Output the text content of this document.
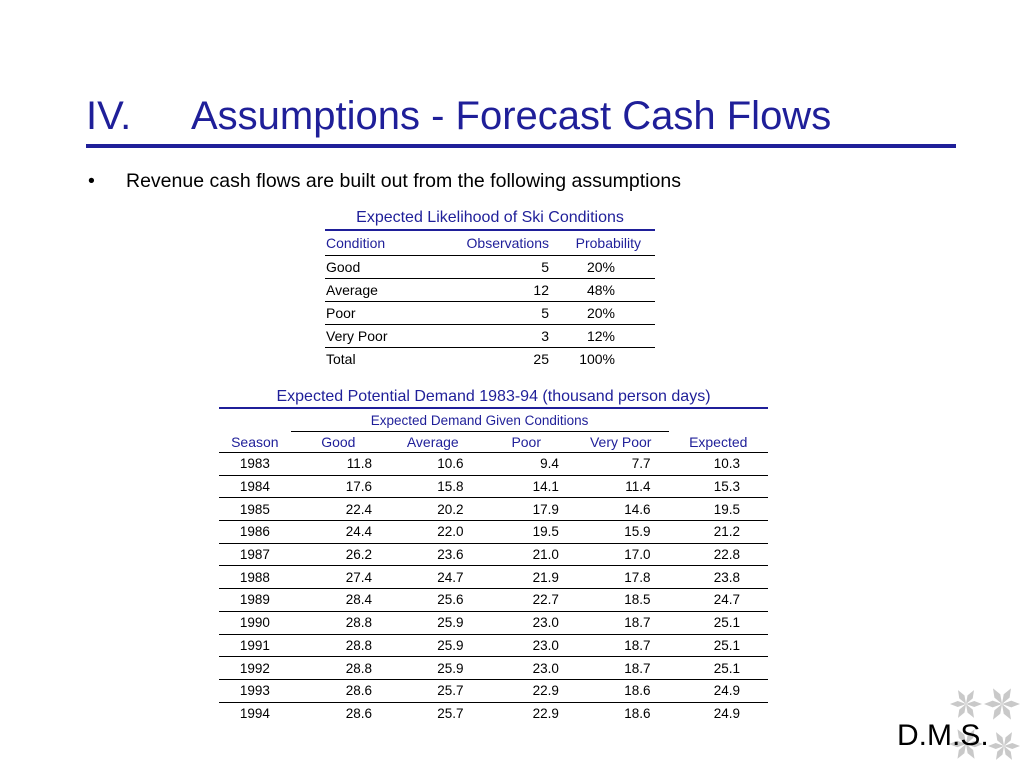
IV. Assumptions - Forecast Cash Flows
• Revenue cash flows are built out from the following assumptions
Expected Likelihood of Ski Conditions
Condition	Observations	Probability
Good	5	20%
Average	12	48%
Poor	5	20%
Very Poor	3	12%
Total	25	100%
Expected Potential Demand 1983-94 (thousand person days)
	Expected Demand Given Conditions				
Season	Good	Average	Poor	Very Poor	Expected
1983	11.8	10.6	9.4	7.7	10.3
1984	17.6	15.8	14.1	11.4	15.3
1985	22.4	20.2	17.9	14.6	19.5
1986	24.4	22.0	19.5	15.9	21.2
1987	26.2	23.6	21.0	17.0	22.8
1988	27.4	24.7	21.9	17.8	23.8
1989	28.4	25.6	22.7	18.5	24.7
1990	28.8	25.9	23.0	18.7	25.1
1991	28.8	25.9	23.0	18.7	25.1
1992	28.8	25.9	23.0	18.7	25.1
1993	28.6	25.7	22.9	18.6	24.9
1994	28.6	25.7	22.9	18.6	24.9
D.M.S.
